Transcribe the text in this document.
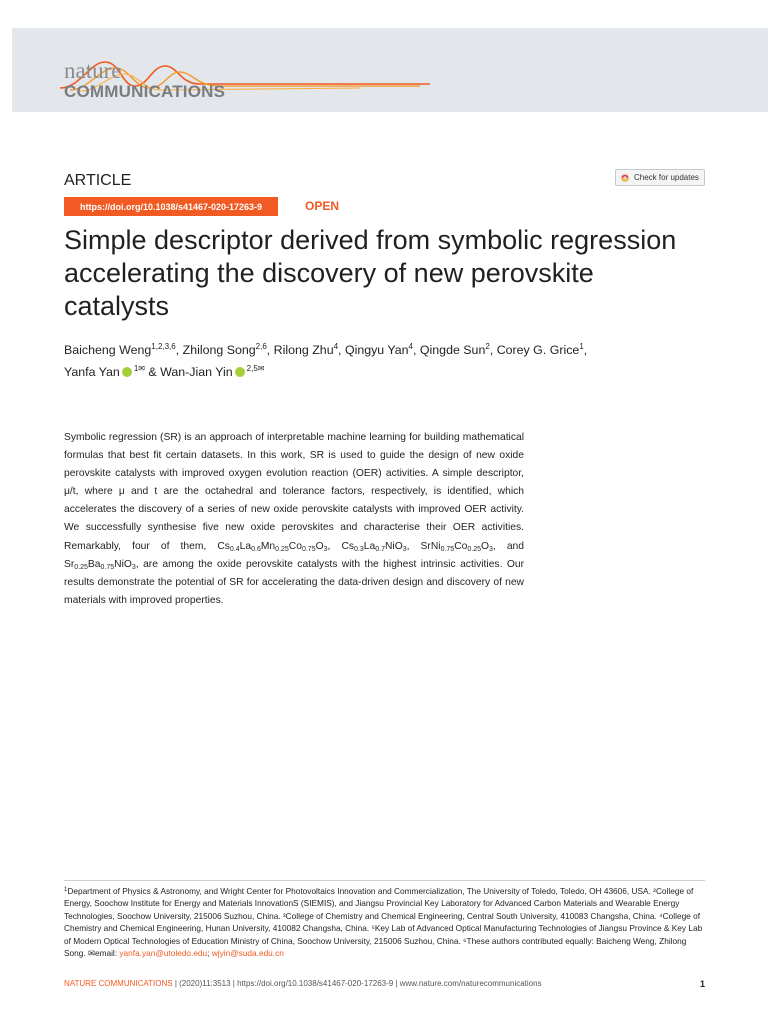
nature
COMMUNICATIONS
ARTICLE	Check for updates
https://doi.org/10.1038/s41467-020-17263-9	OPEN
Simple descriptor derived from symbolic regression accelerating the discovery of new perovskite catalysts
Baicheng Weng$^{1,2,3,6}$, Zhilong Song$^{2,6}$, Rilong Zhu$^4$, Qingyu Yan$^4$, Qingde Sun$^2$, Corey G. Grice$^1$,
Yanfa Yan $^{1✉}$ & Wan-Jian Yin $^{2,5✉}$
Symbolic regression (SR) is an approach of interpretable machine learning for building mathematical formulas that best fit certain datasets. In this work, SR is used to guide the design of new oxide perovskite catalysts with improved oxygen evolution reaction (OER) activities. A simple descriptor, μ/t, where μ and t are the octahedral and tolerance factors, respectively, is identified, which accelerates the discovery of a series of new oxide perovskite catalysts with improved OER activity. We successfully synthesise five new oxide perovskites and characterise their OER activities. Remarkably, four of them, $Cs_{0.4}La_{0.6}Mn_{0.25}Co_{0.75}O_3$, $Cs_{0.3}La_{0.7}NiO_3$, $SrNi_{0.75}Co_{0.25}O_3$, and $Sr_{0.25}Ba_{0.75}NiO_3$, are among the oxide perovskite catalysts with the highest intrinsic activities. Our results demonstrate the potential of SR for accelerating the data-driven design and discovery of new materials with improved properties.
$^1$Department of Physics & Astronomy, and Wright Center for Photovoltaics Innovation and Commercialization, The University of Toledo, Toledo, OH 43606, USA. ²College of Energy, Soochow Institute for Energy and Materials InnovationS (SIEMIS), and Jiangsu Provincial Key Laboratory for Advanced Carbon Materials and Wearable Energy Technologies, Soochow University, 215006 Suzhou, China. ³College of Chemistry and Chemical Engineering, Central South University, 410083 Changsha, China. ⁴College of Chemistry and Chemical Engineering, Hunan University, 410082 Changsha, China. ⁵Key Lab of Advanced Optical Manufacturing Technologies of Jiangsu Province & Key Lab of Modern Optical Technologies of Education Ministry of China, Soochow University, 215006 Suzhou, China. ⁶These authors contributed equally: Baicheng Weng, Zhilong Song. ✉email: yanfa.yan@utoledo.edu; wjyin@suda.edu.cn
NATURE COMMUNICATIONS | (2020)11:3513 | https://doi.org/10.1038/s41467-020-17263-9 | www.nature.com/naturecommunications	1
